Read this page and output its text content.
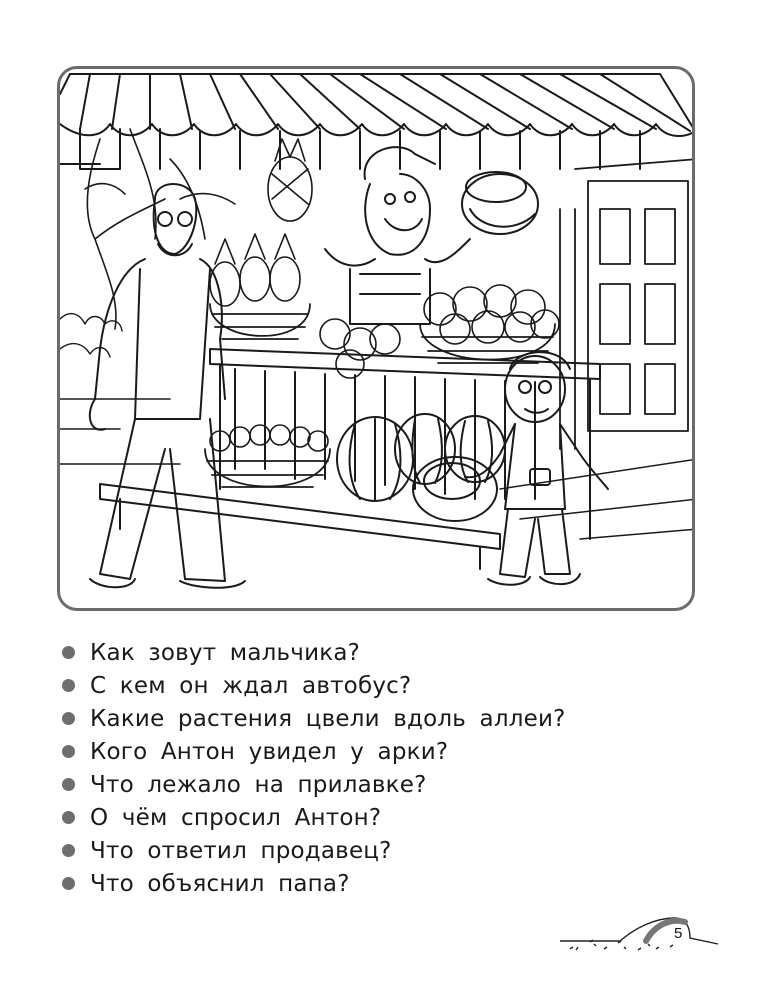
Как зовут мальчика?
С кем он ждал автобус?
Какие растения цвели вдоль аллеи?
Кого Антон увидел у арки?
Что лежало на прилавке?
О чём спросил Антон?
Что ответил продавец?
Что объяснил папа?
5
